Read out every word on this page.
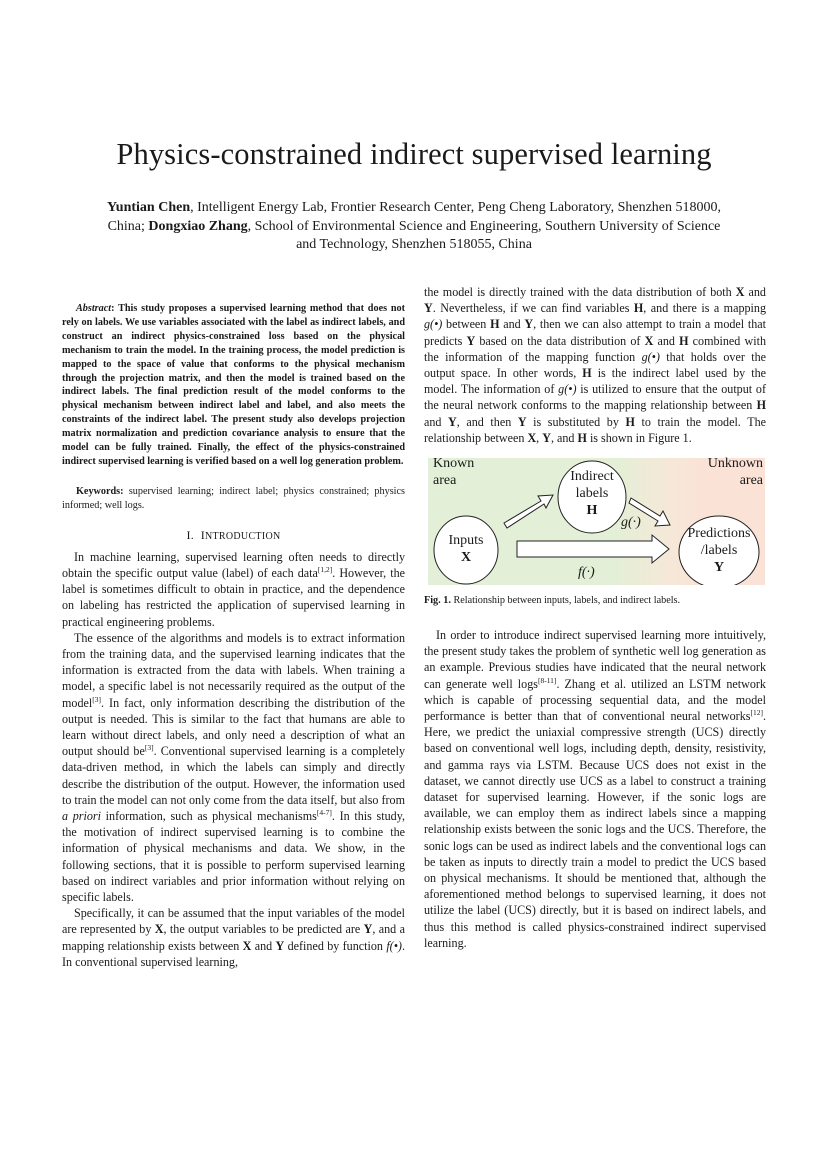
Physics-constrained indirect supervised learning
Yuntian Chen, Intelligent Energy Lab, Frontier Research Center, Peng Cheng Laboratory, Shenzhen 518000, China; Dongxiao Zhang, School of Environmental Science and Engineering, Southern University of Science and Technology, Shenzhen 518055, China

Abstract: This study proposes a supervised learning method that does not rely on labels. We use variables associated with the label as indirect labels, and construct an indirect physics-constrained loss based on the physical mechanism to train the model. In the training process, the model prediction is mapped to the space of value that conforms to the physical mechanism through the projection matrix, and then the model is trained based on the indirect labels. The final prediction result of the model conforms to the physical mechanism between indirect label and label, and also meets the constraints of the indirect label. The present study also develops projection matrix normalization and prediction covariance analysis to ensure that the model can be fully trained. Finally, the effect of the physics-constrained indirect supervised learning is verified based on a well log generation problem.

Keywords: supervised learning; indirect label; physics constrained; physics informed; well logs.

I. INTRODUCTION

In machine learning, supervised learning often needs to directly obtain the specific output value (label) of each data[1,2]. However, the label is sometimes difficult to obtain in practice, and the dependence on labeling has restricted the application of supervised learning in practical engineering problems.

The essence of the algorithms and models is to extract information from the training data, and the supervised learning indicates that the information is extracted from the data with labels. When training a model, a specific label is not necessarily required as the output of the model[3]. In fact, only information describing the distribution of the output is needed. This is similar to the fact that humans are able to learn without direct labels, and only need a description of what an output should be[3]. Conventional supervised learning is a completely data-driven method, in which the labels can simply and directly describe the distribution of the output. However, the information used to train the model can not only come from the data itself, but also from a priori information, such as physical mechanisms[4-7]. In this study, the motivation of indirect supervised learning is to combine the information of physical mechanisms and data. We show, in the following sections, that it is possible to perform supervised learning based on indirect variables and prior information without relying on specific labels.

Specifically, it can be assumed that the input variables of the model are represented by X, the output variables to be predicted are Y, and a mapping relationship exists between X and Y defined by function f(•). In conventional supervised learning,

the model is directly trained with the data distribution of both X and Y. Nevertheless, if we can find variables H, and there is a mapping g(•) between H and Y, then we can also attempt to train a model that predicts Y based on the data distribution of X and H combined with the information of the mapping function g(•) that holds over the output space. In other words, H is the indirect label used by the model. The information of g(•) is utilized to ensure that the output of the neural network conforms to the mapping relationship between H and Y, and then Y is substituted by H to train the model. The relationship between X, Y, and H is shown in Figure 1.

Known
area
Unknown
area
Indirect
labels
H
Inputs
X
Predictions
/labels
Y
g(·)
f(·)

Fig. 1. Relationship between inputs, labels, and indirect labels.

In order to introduce indirect supervised learning more intuitively, the present study takes the problem of synthetic well log generation as an example. Previous studies have indicated that the neural network can generate well logs[8-11]. Zhang et al. utilized an LSTM network which is capable of processing sequential data, and the model performance is better than that of conventional neural networks[12]. Here, we predict the uniaxial compressive strength (UCS) directly based on conventional well logs, including depth, density, resistivity, and gamma rays via LSTM. Because UCS does not exist in the dataset, we cannot directly use UCS as a label to construct a training dataset for supervised learning. However, if the sonic logs are available, we can employ them as indirect labels since a mapping relationship exists between the sonic logs and the UCS. Therefore, the sonic logs can be used as indirect labels and the conventional logs can be taken as inputs to directly train a model to predict the UCS based on physical mechanisms. It should be mentioned that, although the aforementioned method belongs to supervised learning, it does not utilize the label (UCS) directly, but it is based on indirect labels, and thus this method is called physics-constrained indirect supervised learning.
